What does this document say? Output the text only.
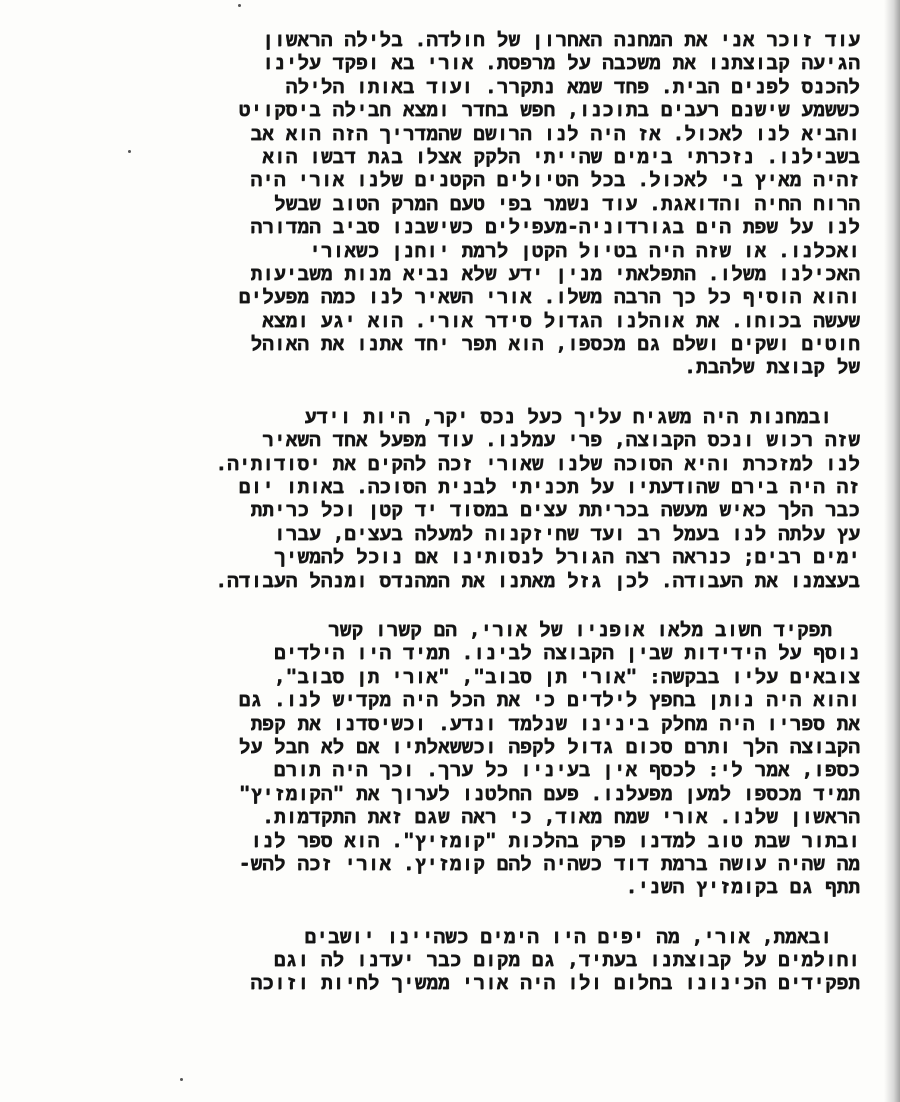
עוד זוכר אני את המחנה האחרון של חולדה. בלילה הראשון
הגיעה קבוצתנו את משכבה על מרפסת. אורי בא ופקד עלינו
להכנס לפנים הבית. פחד שמא נתקרר. ועוד באותו הלילה
כששמע שישנם רעבים בתוכנו, חפש בחדר ומצא חבילה ביסקויט
והביא לנו לאכול. אז היה לנו הרושם שהמדריך הזה הוא אב
בשבילנו. נזכרתי בימים שהייתי הלקק אצלו בגת דבשו הוא
זהיה מאיץ בי לאכול. בכל הטיולים הקטנים שלנו אורי היה
הרוח החיה והדואגת. עוד נשמר בפי טעם המרק הטוב שבשל
לנו על שפת הים בגורדוניה-מעפילים כשישבנו סביב המדורה
ואכלנו. או שזה היה בטיול הקטן לרמת יוחנן כשאורי
האכילנו משלו. התפלאתי מנין ידע שלא נביא מנות משביעות
והוא הוסיף כל כך הרבה משלו. אורי השאיר לנו כמה מפעלים
שעשה בכוחו. את אוהלנו הגדול סידר אורי. הוא יגע ומצא
חוטים ושקים ושלם גם מכספו, הוא תפר יחד אתנו את האוהל
של קבוצת שלהבת.
ובמחנות היה משגיח עליך כעל נכס יקר, היות וידע
שזה רכוש ונכס הקבוצה, פרי עמלנו. עוד מפעל אחד השאיר
לנו למזכרת והיא הסוכה שלנו שאורי זכה להקים את יסודותיה.
זה היה בירם שהודעתיו על תכניתי לבנית הסוכה. באותו יום
כבר הלך כאיש מעשה בכריתת עצים במסוד יד קטן וכל כריתת
עץ עלתה לנו בעמל רב ועד שחיזקנוה למעלה בעצים, עברו
ימים רבים; כנראה רצה הגורל לנסותינו אם נוכל להמשיך
בעצמנו את העבודה. לכן גזל מאתנו את המהנדס ומנהל העבודה.
תפקיד חשוב מלאו אופניו של אורי, הם קשרו קשר
נוסף על הידידות שבין הקבוצה לבינו. תמיד היו הילדים
צובאים עליו בבקשה: "אורי תן סבוב", "אורי תן סבוב",
והוא היה נותן בחפץ לילדים כי את הכל היה מקדיש לנו. גם
את ספריו היה מחלק בינינו שנלמד ונדע. וכשיסדנו את קפת
הקבוצה הלך ותרם סכום גדול לקפה וכששאלתיו אם לא חבל על
כספו, אמר לי: לכסף אין בעיניו כל ערך. וכך היה תורם
תמיד מכספו למען מפעלנו. פעם החלטנו לערוך את "הקומזיץ"
הראשון שלנו. אורי שמח מאוד, כי ראה שגם זאת התקדמות.
ובתור שבת טוב למדנו פרק בהלכות "קומזיץ". הוא ספר לנו
מה שהיה עושה ברמת דוד כשהיה להם קומזיץ. אורי זכה להש-
תתף גם בקומזיץ השני.
ובאמת, אורי, מה יפים היו הימים כשהיינו יושבים
וחולמים על קבוצתנו בעתיד, גם מקום כבר יעדנו לה וגם
תפקידים הכינונו בחלום ולו היה אורי ממשיך לחיות וזוכה
